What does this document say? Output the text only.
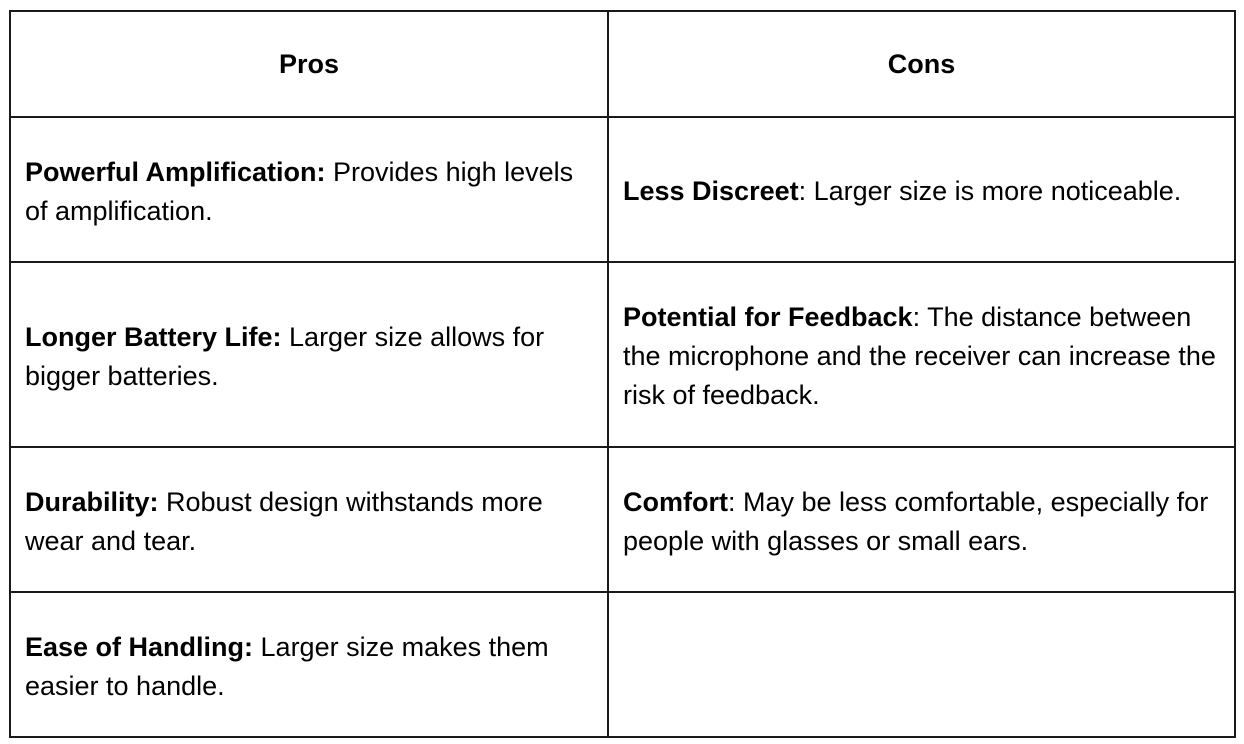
Pros	Cons

Powerful Amplification: Provides high levels of amplification.	Less Discreet: Larger size is more noticeable.

Longer Battery Life: Larger size allows for bigger batteries.	Potential for Feedback: The distance between the microphone and the receiver can increase the risk of feedback.

Durability: Robust design withstands more wear and tear.	Comfort: May be less comfortable, especially for people with glasses or small ears.

Ease of Handling: Larger size makes them easier to handle.	
